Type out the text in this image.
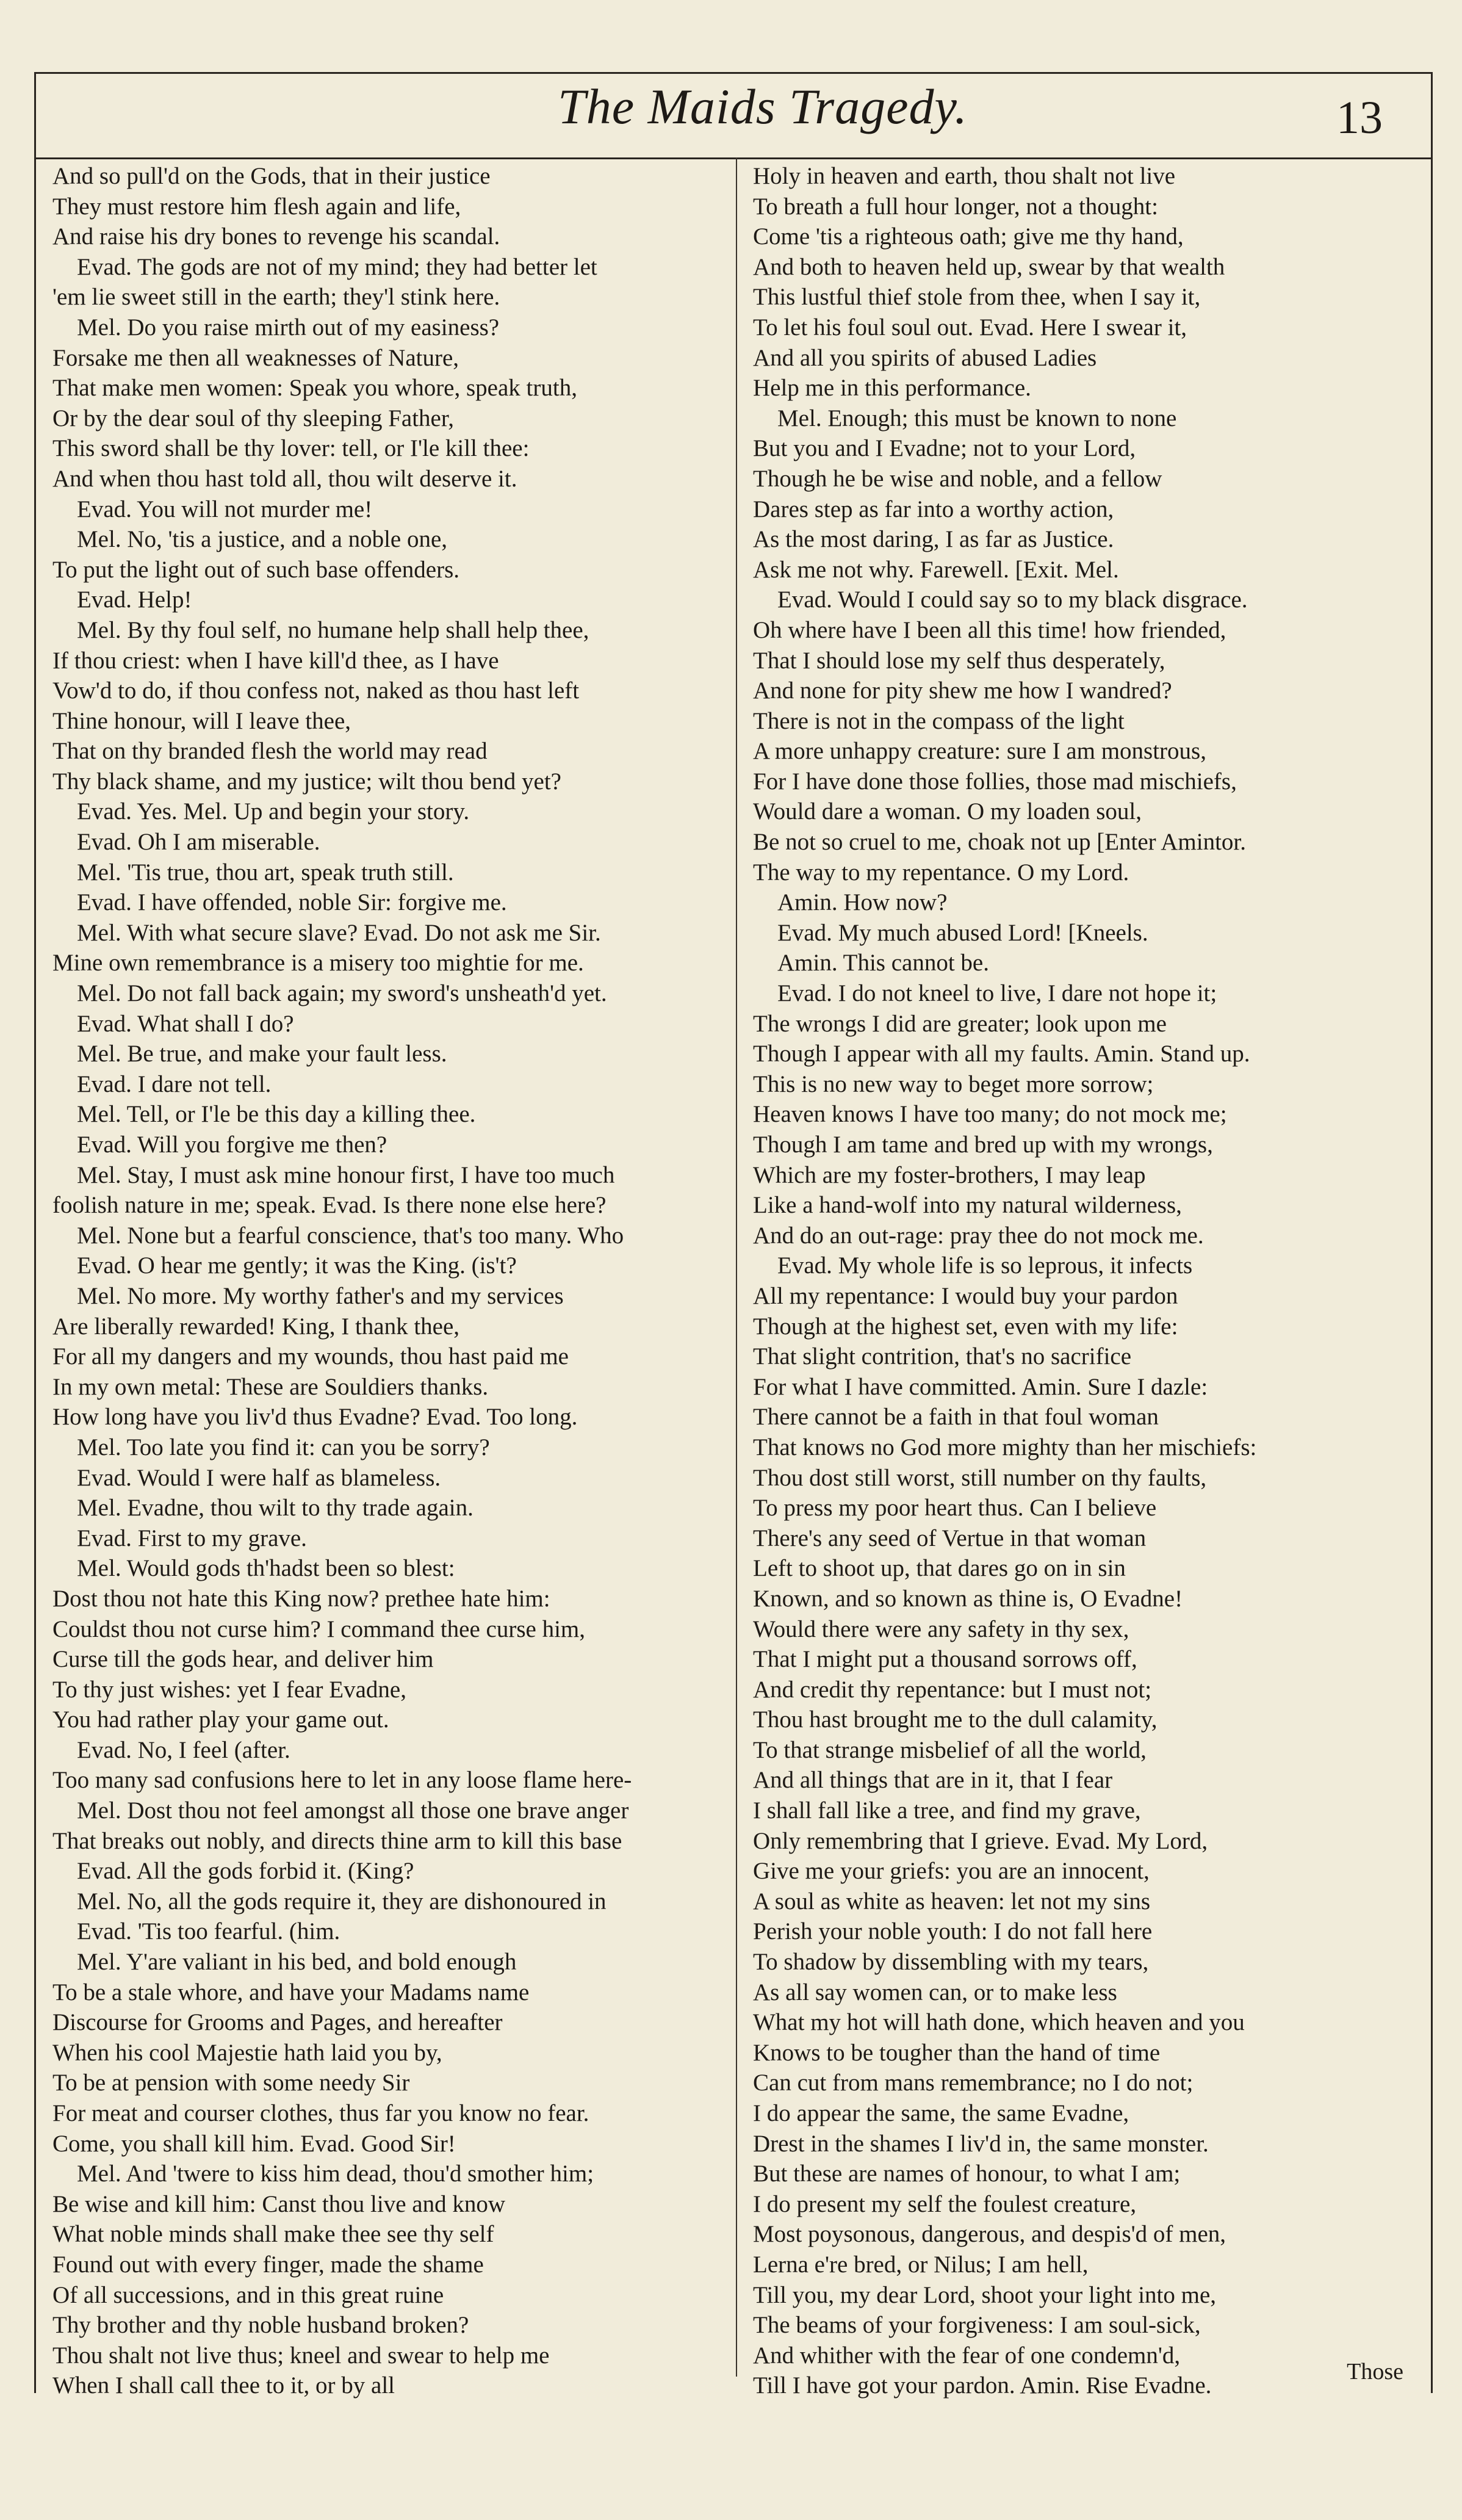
The Maids Tragedy.	13
And so pull'd on the Gods, that in their justice
They must restore him flesh again and life,
And raise his dry bones to revenge his scandal.
Evad. The gods are not of my mind; they had better let
'em lie sweet still in the earth; they'l stink here.
Mel. Do you raise mirth out of my easiness?
Forsake me then all weaknesses of Nature,
That make men women: Speak you whore, speak truth,
Or by the dear soul of thy sleeping Father,
This sword shall be thy lover: tell, or I'le kill thee:
And when thou hast told all, thou wilt deserve it.
Evad. You will not murder me!
Mel. No, 'tis a justice, and a noble one,
To put the light out of such base offenders.
Evad. Help!
Mel. By thy foul self, no humane help shall help thee,
If thou criest: when I have kill'd thee, as I have
Vow'd to do, if thou confess not, naked as thou hast left
Thine honour, will I leave thee,
That on thy branded flesh the world may read
Thy black shame, and my justice; wilt thou bend yet?
Evad. Yes. Mel. Up and begin your story.
Evad. Oh I am miserable.
Mel. 'Tis true, thou art, speak truth still.
Evad. I have offended, noble Sir: forgive me.
Mel. With what secure slave? Evad. Do not ask me Sir.
Mine own remembrance is a misery too mightie for me.
Mel. Do not fall back again; my sword's unsheath'd yet.
Evad. What shall I do?
Mel. Be true, and make your fault less.
Evad. I dare not tell.
Mel. Tell, or I'le be this day a killing thee.
Evad. Will you forgive me then?
Mel. Stay, I must ask mine honour first, I have too much
foolish nature in me; speak. Evad. Is there none else here?
Mel. None but a fearful conscience, that's too many. Who
Evad. O hear me gently; it was the King. (is't?
Mel. No more. My worthy father's and my services
Are liberally rewarded! King, I thank thee,
For all my dangers and my wounds, thou hast paid me
In my own metal: These are Souldiers thanks.
How long have you liv'd thus Evadne? Evad. Too long.
Mel. Too late you find it: can you be sorry?
Evad. Would I were half as blameless.
Mel. Evadne, thou wilt to thy trade again.
Evad. First to my grave.
Mel. Would gods th'hadst been so blest:
Dost thou not hate this King now? prethee hate him:
Couldst thou not curse him? I command thee curse him,
Curse till the gods hear, and deliver him
To thy just wishes: yet I fear Evadne,
You had rather play your game out.
Evad. No, I feel (after.
Too many sad confusions here to let in any loose flame here-
Mel. Dost thou not feel amongst all those one brave anger
That breaks out nobly, and directs thine arm to kill this base
Evad. All the gods forbid it. (King?
Mel. No, all the gods require it, they are dishonoured in
Evad. 'Tis too fearful. (him.
Mel. Y'are valiant in his bed, and bold enough
To be a stale whore, and have your Madams name
Discourse for Grooms and Pages, and hereafter
When his cool Majestie hath laid you by,
To be at pension with some needy Sir
For meat and courser clothes, thus far you know no fear.
Come, you shall kill him. Evad. Good Sir!
Mel. And 'twere to kiss him dead, thou'd smother him;
Be wise and kill him: Canst thou live and know
What noble minds shall make thee see thy self
Found out with every finger, made the shame
Of all successions, and in this great ruine
Thy brother and thy noble husband broken?
Thou shalt not live thus; kneel and swear to help me
When I shall call thee to it, or by all
Holy in heaven and earth, thou shalt not live
To breath a full hour longer, not a thought:
Come 'tis a righteous oath; give me thy hand,
And both to heaven held up, swear by that wealth
This lustful thief stole from thee, when I say it,
To let his foul soul out. Evad. Here I swear it,
And all you spirits of abused Ladies
Help me in this performance.
Mel. Enough; this must be known to none
But you and I Evadne; not to your Lord,
Though he be wise and noble, and a fellow
Dares step as far into a worthy action,
As the most daring, I as far as Justice.
Ask me not why. Farewell. [Exit. Mel.
Evad. Would I could say so to my black disgrace.
Oh where have I been all this time! how friended,
That I should lose my self thus desperately,
And none for pity shew me how I wandred?
There is not in the compass of the light
A more unhappy creature: sure I am monstrous,
For I have done those follies, those mad mischiefs,
Would dare a woman. O my loaden soul,
Be not so cruel to me, choak not up [Enter Amintor.
The way to my repentance. O my Lord.
Amin. How now?
Evad. My much abused Lord! [Kneels.
Amin. This cannot be.
Evad. I do not kneel to live, I dare not hope it;
The wrongs I did are greater; look upon me
Though I appear with all my faults. Amin. Stand up.
This is no new way to beget more sorrow;
Heaven knows I have too many; do not mock me;
Though I am tame and bred up with my wrongs,
Which are my foster-brothers, I may leap
Like a hand-wolf into my natural wilderness,
And do an out-rage: pray thee do not mock me.
Evad. My whole life is so leprous, it infects
All my repentance: I would buy your pardon
Though at the highest set, even with my life:
That slight contrition, that's no sacrifice
For what I have committed. Amin. Sure I dazle:
There cannot be a faith in that foul woman
That knows no God more mighty than her mischiefs:
Thou dost still worst, still number on thy faults,
To press my poor heart thus. Can I believe
There's any seed of Vertue in that woman
Left to shoot up, that dares go on in sin
Known, and so known as thine is, O Evadne!
Would there were any safety in thy sex,
That I might put a thousand sorrows off,
And credit thy repentance: but I must not;
Thou hast brought me to the dull calamity,
To that strange misbelief of all the world,
And all things that are in it, that I fear
I shall fall like a tree, and find my grave,
Only remembring that I grieve. Evad. My Lord,
Give me your griefs: you are an innocent,
A soul as white as heaven: let not my sins
Perish your noble youth: I do not fall here
To shadow by dissembling with my tears,
As all say women can, or to make less
What my hot will hath done, which heaven and you
Knows to be tougher than the hand of time
Can cut from mans remembrance; no I do not;
I do appear the same, the same Evadne,
Drest in the shames I liv'd in, the same monster.
But these are names of honour, to what I am;
I do present my self the foulest creature,
Most poysonous, dangerous, and despis'd of men,
Lerna e're bred, or Nilus; I am hell,
Till you, my dear Lord, shoot your light into me,
The beams of your forgiveness: I am soul-sick,
And whither with the fear of one condemn'd,
Till I have got your pardon. Amin. Rise Evadne.
Those
